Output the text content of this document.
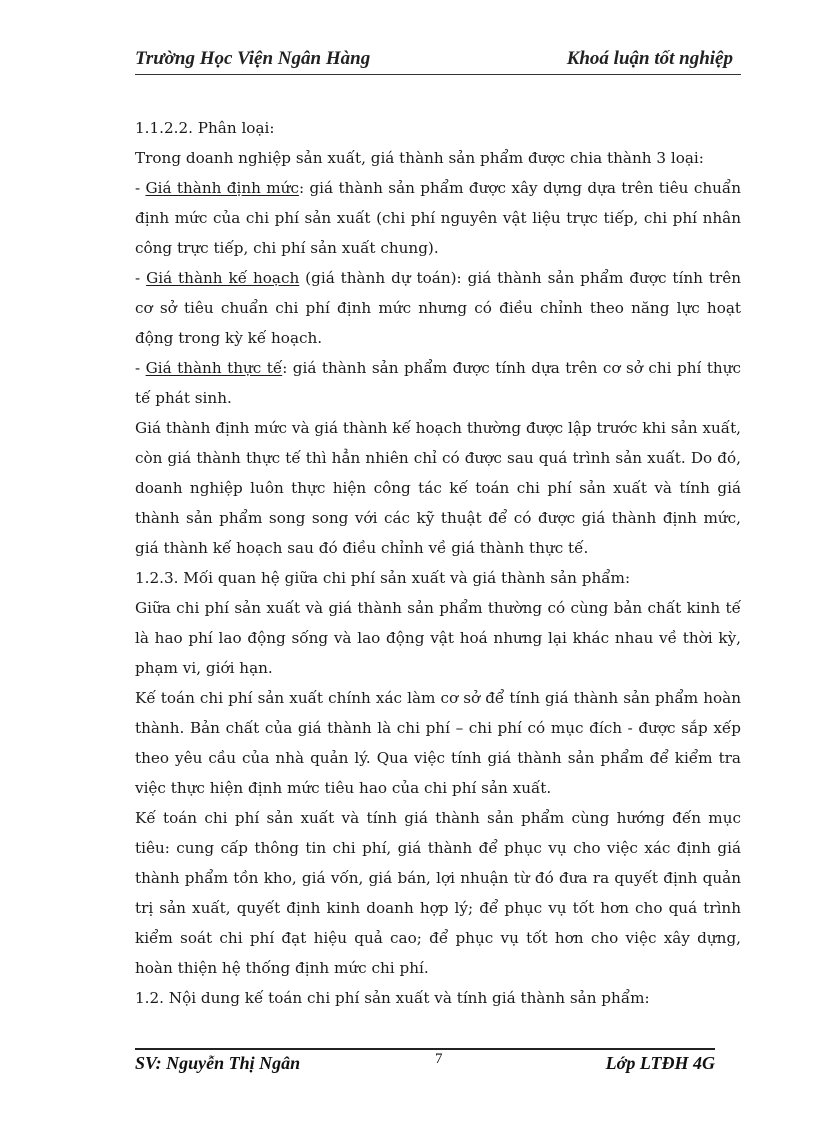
Trường Học Viện Ngân Hàng	Khoá luận tốt nghiệp

1.1.2.2. Phân loại:

Trong doanh nghiệp sản xuất, giá thành sản phẩm được chia thành 3 loại:

- Giá thành định mức: giá thành sản phẩm được xây dựng dựa trên tiêu chuẩn định mức của chi phí sản xuất (chi phí nguyên vật liệu trực tiếp, chi phí nhân công trực tiếp, chi phí sản xuất chung).

- Giá thành kế hoạch (giá thành dự toán): giá thành sản phẩm được tính trên cơ sở tiêu chuẩn chi phí định mức nhưng có điều chỉnh theo năng lực hoạt động trong kỳ kế hoạch.

- Giá thành thực tế: giá thành sản phẩm được tính dựa trên cơ sở chi phí thực tế phát sinh.

Giá thành định mức và giá thành kế hoạch thường được lập trước khi sản xuất, còn giá thành thực tế thì hẳn nhiên chỉ có được sau quá trình sản xuất. Do đó, doanh nghiệp luôn thực hiện công tác kế toán chi phí sản xuất và tính giá thành sản phẩm song song với các kỹ thuật để có được giá thành định mức, giá thành kế hoạch sau đó điều chỉnh về giá thành thực tế.

1.2.3. Mối quan hệ giữa chi phí sản xuất và giá thành sản phẩm:

Giữa chi phí sản xuất và giá thành sản phẩm thường có cùng bản chất kinh tế là hao phí lao động sống và lao động vật hoá nhưng lại khác nhau về thời kỳ, phạm vi, giới hạn.

Kế toán chi phí sản xuất chính xác làm cơ sở để tính giá thành sản phẩm hoàn thành. Bản chất của giá thành là chi phí – chi phí có mục đích - được sắp xếp theo yêu cầu của nhà quản lý. Qua việc tính giá thành sản phẩm để kiểm tra việc thực hiện định mức tiêu hao của chi phí sản xuất.

Kế toán chi phí sản xuất và tính giá thành sản phẩm cùng hướng đến mục tiêu: cung cấp thông tin chi phí, giá thành để phục vụ cho việc xác định giá thành phẩm tồn kho, giá vốn, giá bán, lợi nhuận từ đó đưa ra quyết định quản trị sản xuất, quyết định kinh doanh hợp lý; để phục vụ tốt hơn cho quá trình kiểm soát chi phí đạt hiệu quả cao; để phục vụ tốt hơn cho việc xây dựng, hoàn thiện hệ thống định mức chi phí.

1.2. Nội dung kế toán chi phí sản xuất và tính giá thành sản phẩm:

SV: Nguyễn Thị Ngân	7	Lớp LTĐH 4G
